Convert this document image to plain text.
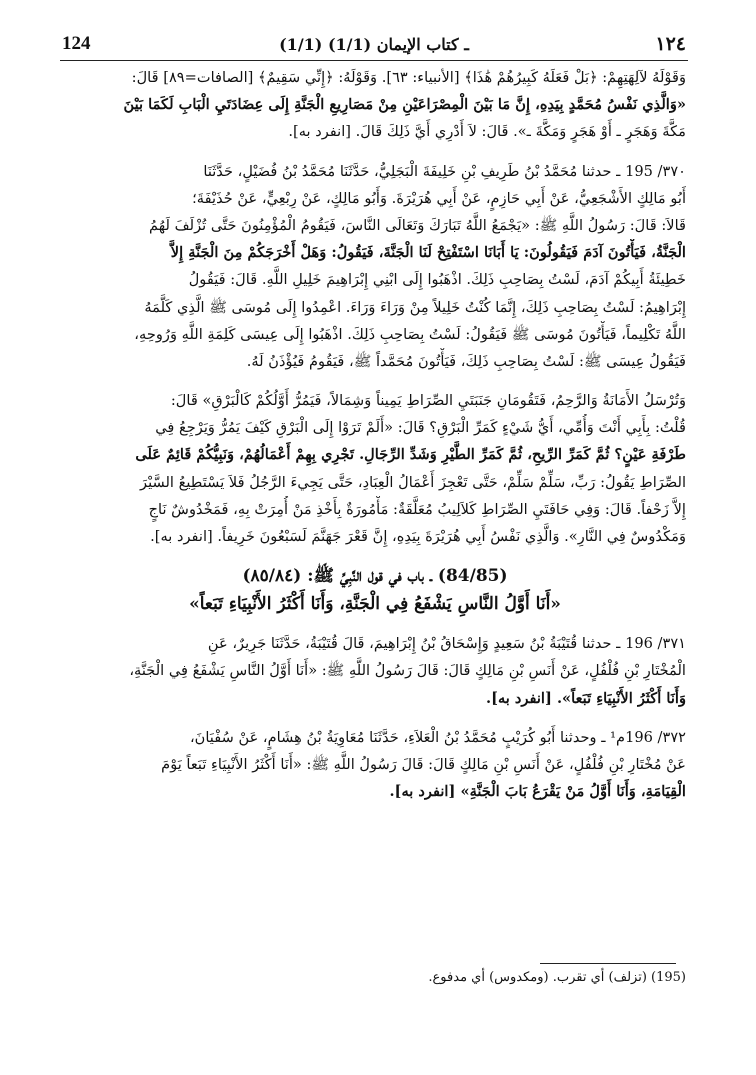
124	(1/1) ـ كتاب الإيمان (1/1)	١٢٤
وَقَوْلَهُ لآلِهَتِهِمْ: ﴿بَلْ فَعَلَهُ كَبِيرُهُمْ هَٰذَا﴾ [الأنبياء: ٦٣]. وَقَوْلَهُ: ﴿إِنِّي سَقِيمٌ﴾ [الصافات=٨٩] قَالَ:
«وَالَّذِي نَفْسُ مُحَمَّدٍ بِيَدِهِ، إِنَّ مَا بَيْنَ الْمِصْرَاعَيْنِ مِنْ مَصَارِيعِ الْجَنَّةِ إِلَى عِضَادَتَيِ الْبَابِ لَكَمَا بَيْنَ
مَكَّةَ وَهَجَرٍ ـ أَوْ هَجَرٍ وَمَكَّةَ ـ». قَالَ: لاَ أَدْرِي أَيَّ ذَلِكَ قَالَ. [انفرد به].
٣٧٠/ 195 ـ حدثنا مُحَمَّدُ بْنُ طَرِيفِ بْنِ خَلِيفَةَ الْبَجَلِيُّ، حَدَّثَنَا مُحَمَّدُ بْنُ فُضَيْلٍ، حَدَّثَنَا
أَبُو مَالِكٍ الأَشْجَعِيُّ، عَنْ أَبِي حَازِمٍ، عَنْ أَبِي هُرَيْرَةَ. وَأَبُو مَالِكٍ، عَنْ رِبْعِيٍّ، عَنْ حُذَيْفَةَ؛
قَالاَ: قَالَ: رَسُولُ اللَّهِ ﷺ: «يَجْمَعُ اللَّهُ تَبَارَكَ وَتَعَالَى النَّاسَ، فَيَقُومُ الْمُؤْمِنُونَ حَتَّى تُزْلَفَ لَهُمُ
الْجَنَّةُ، فَيَأْتُونَ آدَمَ فَيَقُولُونَ: يَا أَبَانَا اسْتَفْتِحْ لَنَا الْجَنَّةَ، فَيَقُولُ: وَهَلْ أَخْرَجَكُمْ مِنَ الْجَنَّةِ إِلاَّ
خَطِيئَةُ أَبِيكُمْ آدَمَ، لَسْتُ بِصَاحِبِ ذَلِكَ. اذْهَبُوا إِلَى ابْنِي إِبْرَاهِيمَ خَلِيلِ اللَّهِ. قَالَ: فَيَقُولُ
إِبْرَاهِيمُ: لَسْتُ بِصَاحِبِ ذَلِكَ، إِنَّمَا كُنْتُ خَلِيلاً مِنْ وَرَاءَ وَرَاءَ. اعْمِدُوا إِلَى مُوسَى ﷺ الَّذِي كَلَّمَهُ
اللَّهُ تَكْلِيماً، فَيَأْتُونَ مُوسَى ﷺ فَيَقُولُ: لَسْتُ بِصَاحِبِ ذَلِكَ. اذْهَبُوا إِلَى عِيسَى كَلِمَةِ اللَّهِ وَرُوحِهِ،
فَيَقُولُ عِيسَى ﷺ: لَسْتُ بِصَاحِبِ ذَلِكَ، فَيَأْتُونَ مُحَمَّداً ﷺ، فَيَقُومُ فَيُؤْذَنُ لَهُ.
وَتُرْسَلُ الأَمَانَةُ وَالرَّحِمُ، فَتَقُومَانِ جَنَبَتَيِ الصِّرَاطِ يَمِيناً وَشِمَالاً، فَيَمُرُّ أَوَّلُكُمْ كَالْبَرْقِ» قَالَ:
قُلْتُ: بِأَبِي أَنْتَ وَأُمِّي، أَيُّ شَيْءٍ كَمَرِّ الْبَرْقِ؟ قَالَ: «أَلَمْ تَرَوْا إِلَى الْبَرْقِ كَيْفَ يَمُرُّ وَيَرْجِعُ فِي
طَرْفَةِ عَيْنٍ؟ ثُمَّ كَمَرِّ الرِّيحِ، ثُمَّ كَمَرِّ الطَّيْرِ وَشَدِّ الرِّجَالِ. تَجْرِي بِهِمْ أَعْمَالُهُمْ، وَنَبِيُّكُمْ قَائِمٌ عَلَى
الصِّرَاطِ يَقُولُ: رَبِّ، سَلِّمْ سَلِّمْ، حَتَّى تَعْجِزَ أَعْمَالُ الْعِبَادِ، حَتَّى يَجِيءَ الرَّجُلُ فَلاَ يَسْتَطِيعُ السَّيْرَ
إِلاَّ زَحْفاً. قَالَ: وَفِي حَافَتَيِ الصِّرَاطِ كَلاَلِيبُ مُعَلَّقَةٌ: مَأْمُورَةٌ بِأَخْذِ مَنْ أُمِرَتْ بِهِ، فَمَخْدُوشٌ نَاجٍ
وَمَكْدُوسٌ فِي النَّارِ». وَالَّذِي نَفْسُ أَبِي هُرَيْرَةَ بِيَدِهِ، إِنَّ قَعْرَ جَهَنَّمَ لَسَبْعُونَ خَرِيفاً. [انفرد به].
(84/85) ـ باب في قول النَّبِيِّ ﷺ: (٨٥/٨٤)
«أَنَا أَوَّلُ النَّاسِ يَشْفَعُ فِي الْجَنَّةِ، وَأَنَا أَكْثَرُ الأَنْبِيَاءِ تَبَعاً»
٣٧١/ 196 ـ حدثنا قُتَيْبَةُ بْنُ سَعِيدٍ وَإِسْحَاقُ بْنُ إِبْرَاهِيمَ، قَالَ قُتَيْبَةُ، حَدَّثَنَا جَرِيرٌ، عَنِ
الْمُخْتَارِ بْنِ فُلْفُلٍ، عَنْ أَنَسِ بْنِ مَالِكٍ قَالَ: قَالَ رَسُولُ اللَّهِ ﷺ: «أَنَا أَوَّلُ النَّاسِ يَشْفَعُ فِي الْجَنَّةِ،
وَأَنَا أَكْثَرُ الأَنْبِيَاءِ تَبَعاً». [انفرد به].
٣٧٢/ 196م¹ ـ وحدثنا أَبُو كُرَيْبٍ مُحَمَّدُ بْنُ الْعَلاَءِ، حَدَّثَنَا مُعَاوِيَةُ بْنُ هِشَامٍ، عَنْ سُفْيَانَ،
عَنْ مُخْتَارِ بْنِ فُلْفُلٍ، عَنْ أَنَسِ بْنِ مَالِكٍ قَالَ: قَالَ رَسُولُ اللَّهِ ﷺ: «أَنَا أَكْثَرُ الأَنْبِيَاءِ تَبَعاً يَوْمَ
الْقِيَامَةِ، وَأَنَا أَوَّلُ مَنْ يَقْرَعُ بَابَ الْجَنَّةِ» [انفرد به].
(195) (تزلف) أي تقرب. (ومكدوس) أي مدفوع.
